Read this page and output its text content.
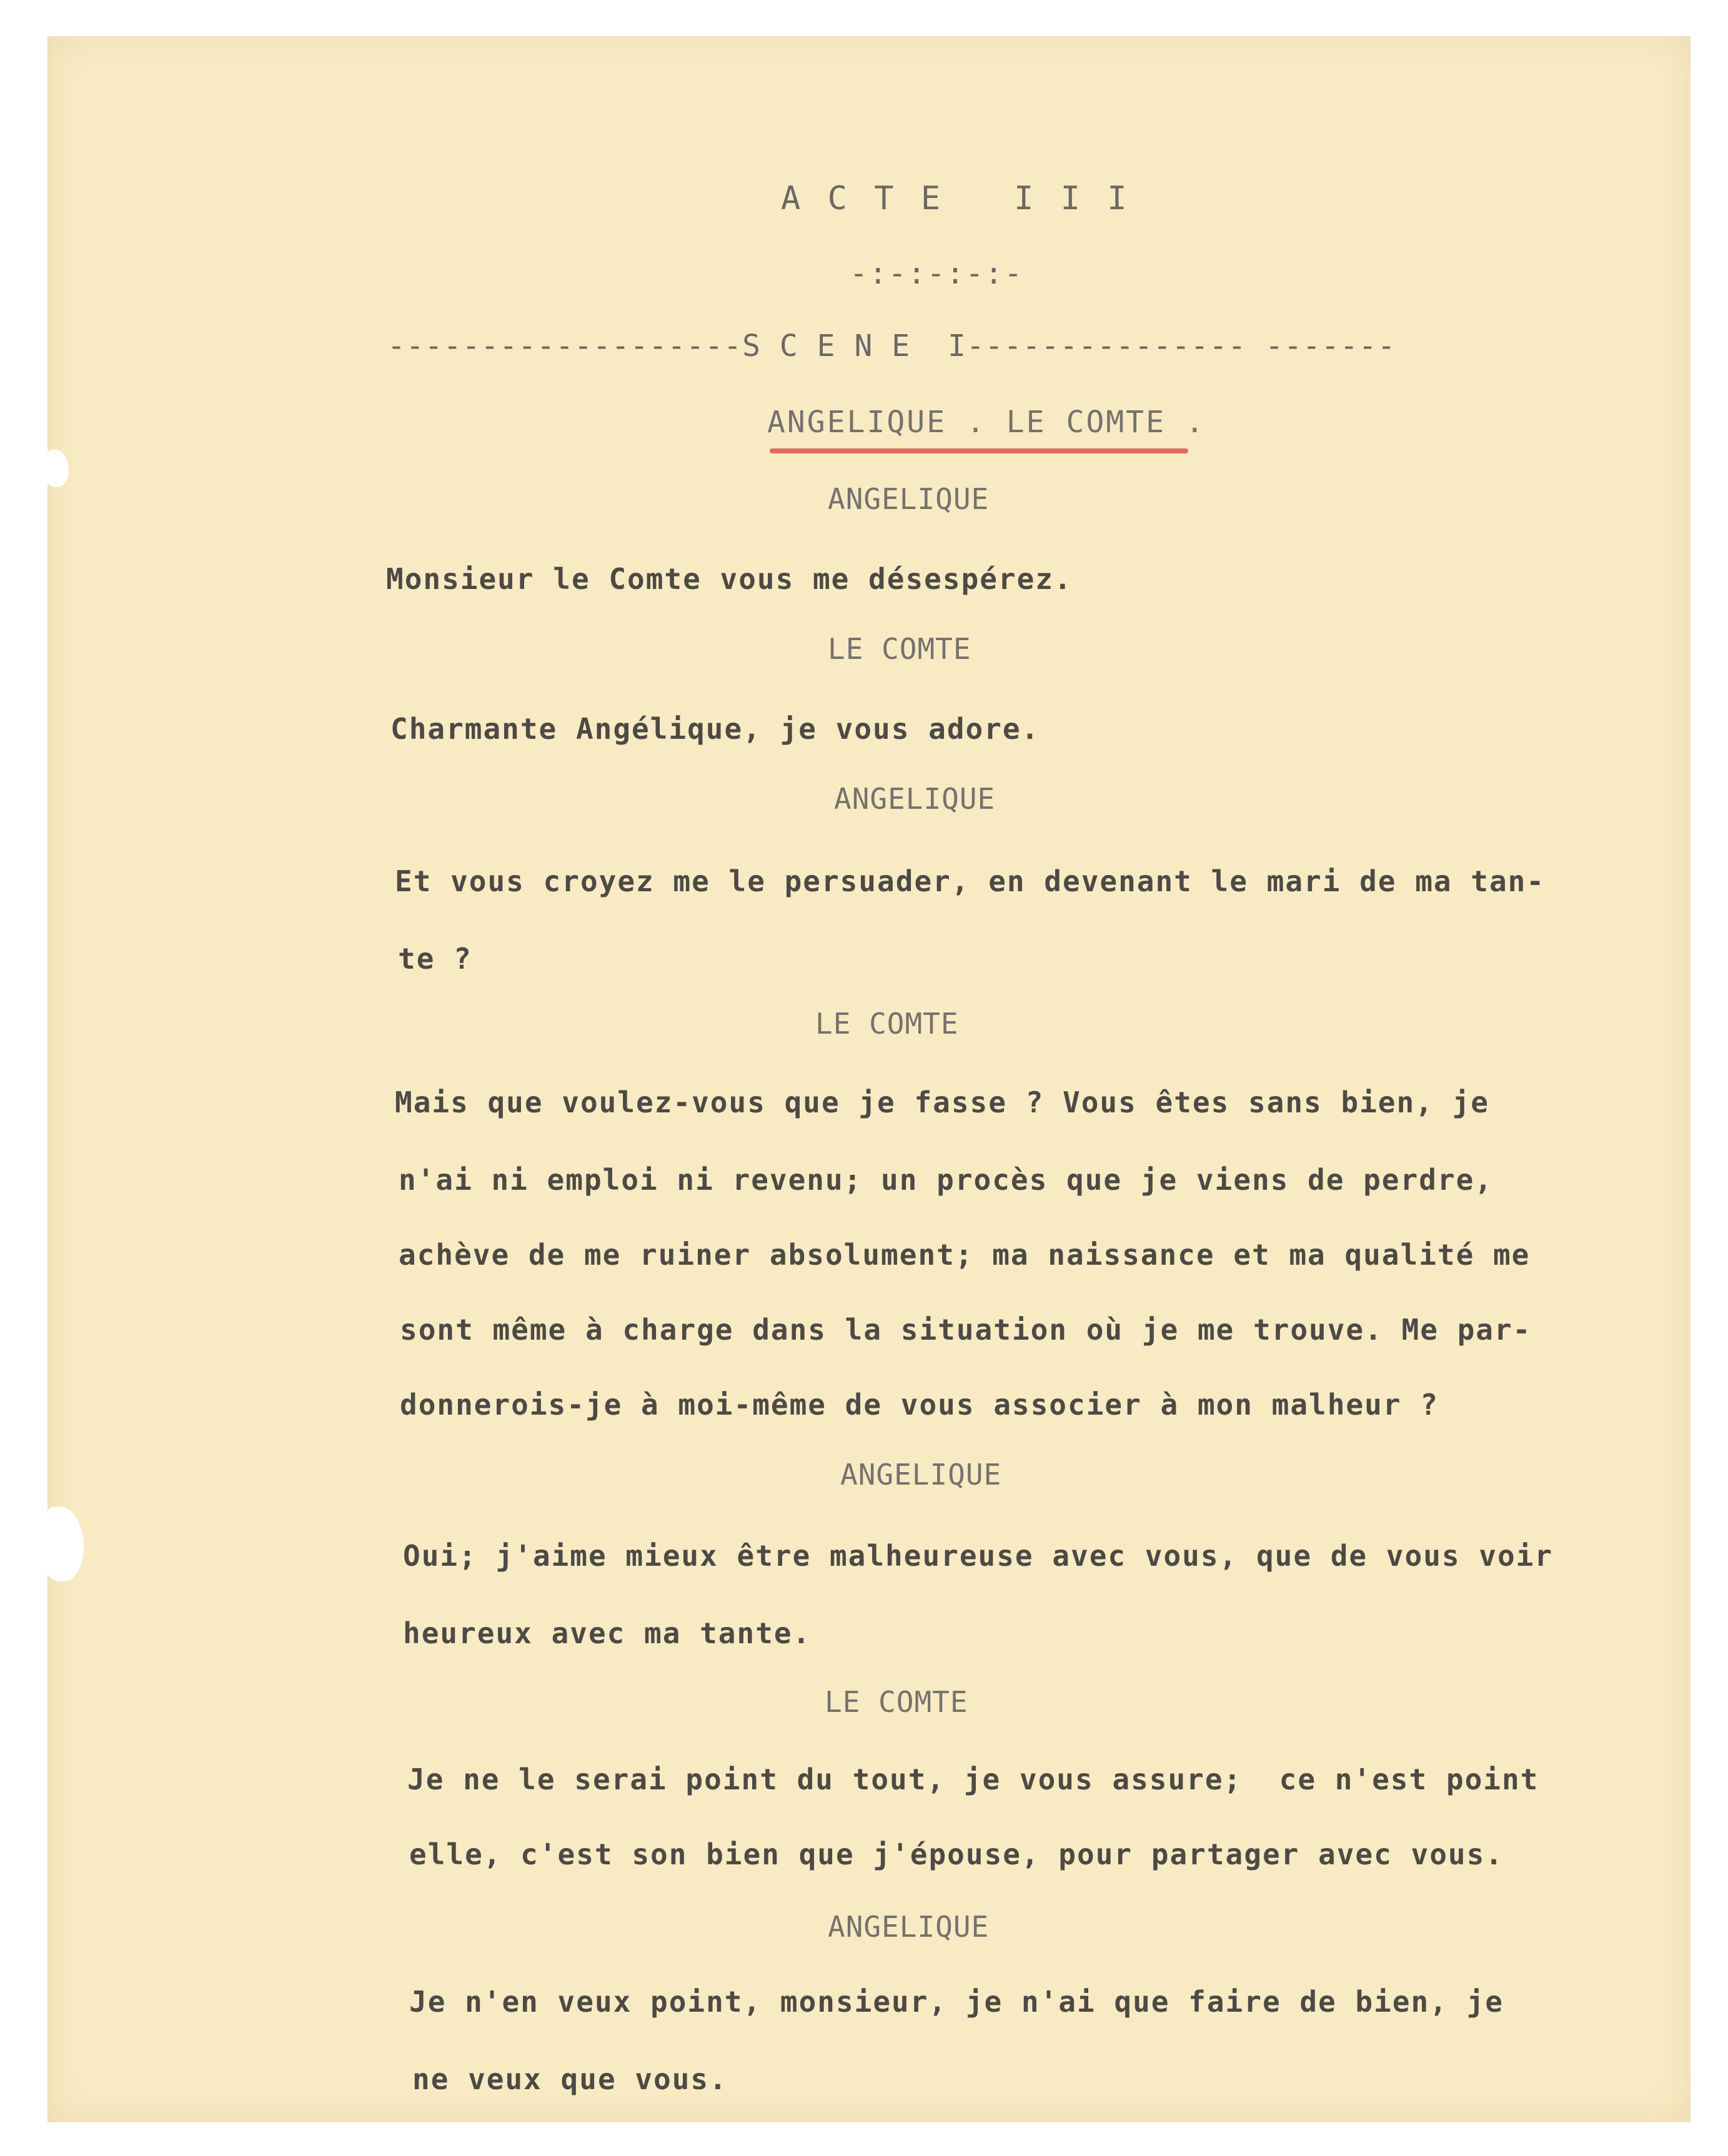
A C T E   I I I
-:-:-:-:-
-------------------S C E N E  I--------------- -------
ANGELIQUE . LE COMTE .
ANGELIQUE
Monsieur le Comte vous me désespérez.
LE COMTE
Charmante Angélique, je vous adore.
ANGELIQUE
Et vous croyez me le persuader, en devenant le mari de ma tan-
te ?
LE COMTE
Mais que voulez-vous que je fasse ? Vous êtes sans bien, je
n'ai ni emploi ni revenu; un procès que je viens de perdre,
achève de me ruiner absolument; ma naissance et ma qualité me
sont même à charge dans la situation où je me trouve. Me par-
donnerois-je à moi-même de vous associer à mon malheur ?
ANGELIQUE
Oui; j'aime mieux être malheureuse avec vous, que de vous voir
heureux avec ma tante.
LE COMTE
Je ne le serai point du tout, je vous assure;  ce n'est point
elle, c'est son bien que j'épouse, pour partager avec vous.
ANGELIQUE
Je n'en veux point, monsieur, je n'ai que faire de bien, je
ne veux que vous.
